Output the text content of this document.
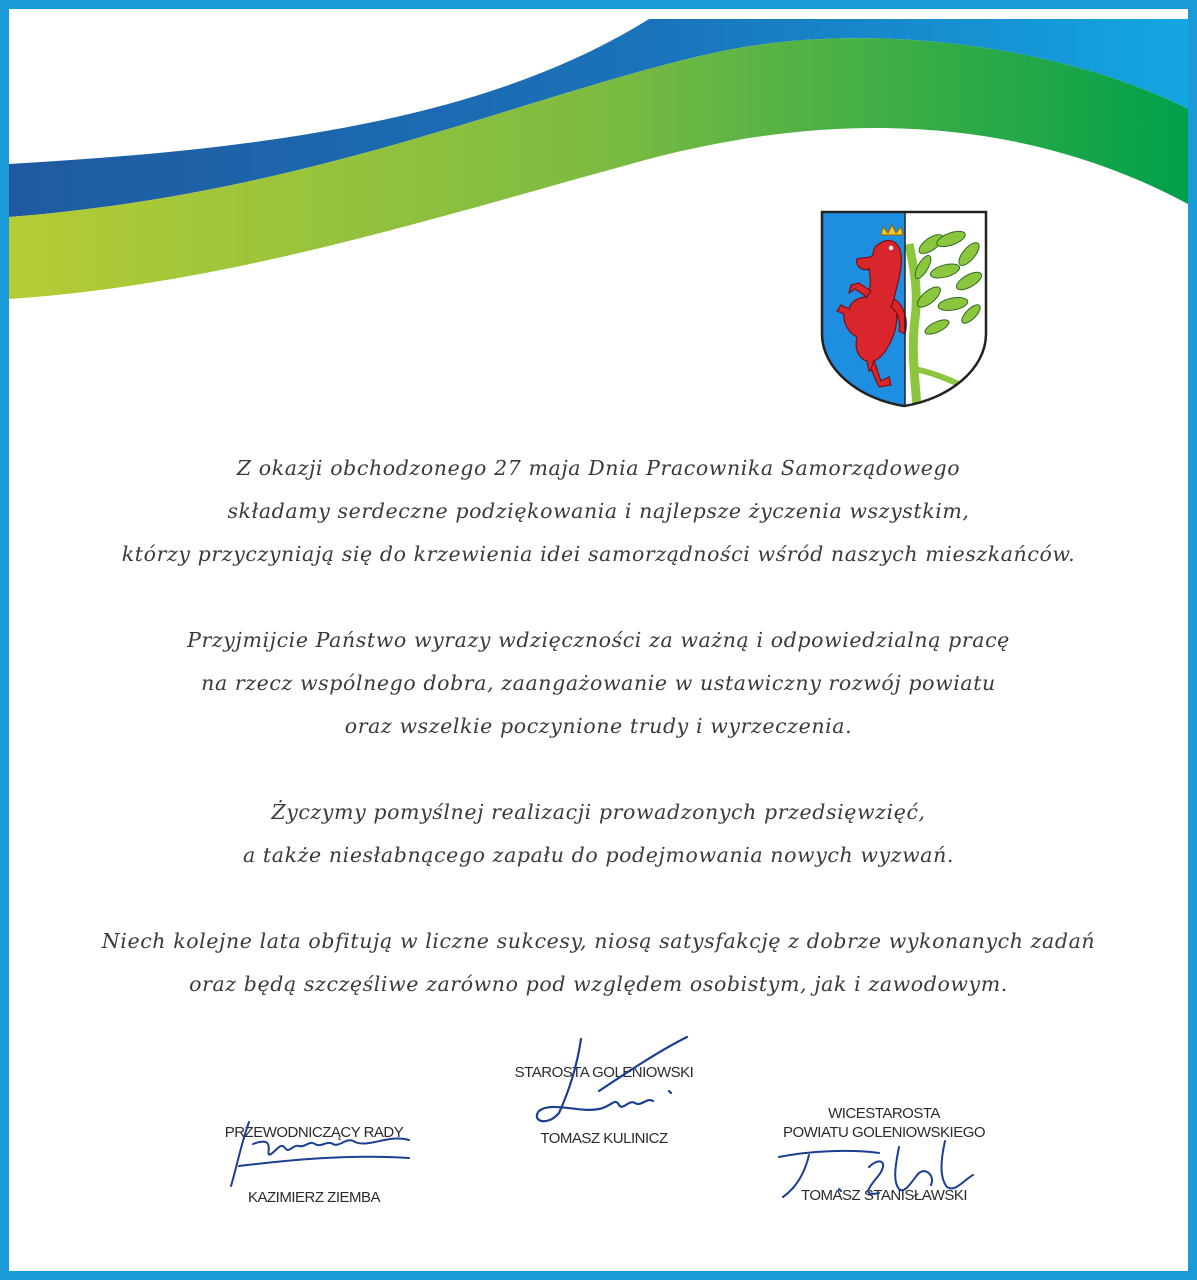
Z okazji obchodzonego 27 maja Dnia Pracownika Samorządowego
składamy serdeczne podziękowania i najlepsze życzenia wszystkim,
którzy przyczyniają się do krzewienia idei samorządności wśród naszych mieszkańców.

Przyjmijcie Państwo wyrazy wdzięczności za ważną i odpowiedzialną pracę
na rzecz wspólnego dobra, zaangażowanie w ustawiczny rozwój powiatu
oraz wszelkie poczynione trudy i wyrzeczenia.

Życzymy pomyślnej realizacji prowadzonych przedsięwzięć,
a także niesłabnącego zapału do podejmowania nowych wyzwań.

Niech kolejne lata obfitują w liczne sukcesy, niosą satysfakcję z dobrze wykonanych zadań
oraz będą szczęśliwe zarówno pod względem osobistym, jak i zawodowym.

PRZEWODNICZĄCY RADY
KAZIMIERZ ZIEMBA
STAROSTA GOLENIOWSKI
TOMASZ KULINICZ
WICESTAROSTA
POWIATU GOLENIOWSKIEGO
TOMASZ STANISŁAWSKI
